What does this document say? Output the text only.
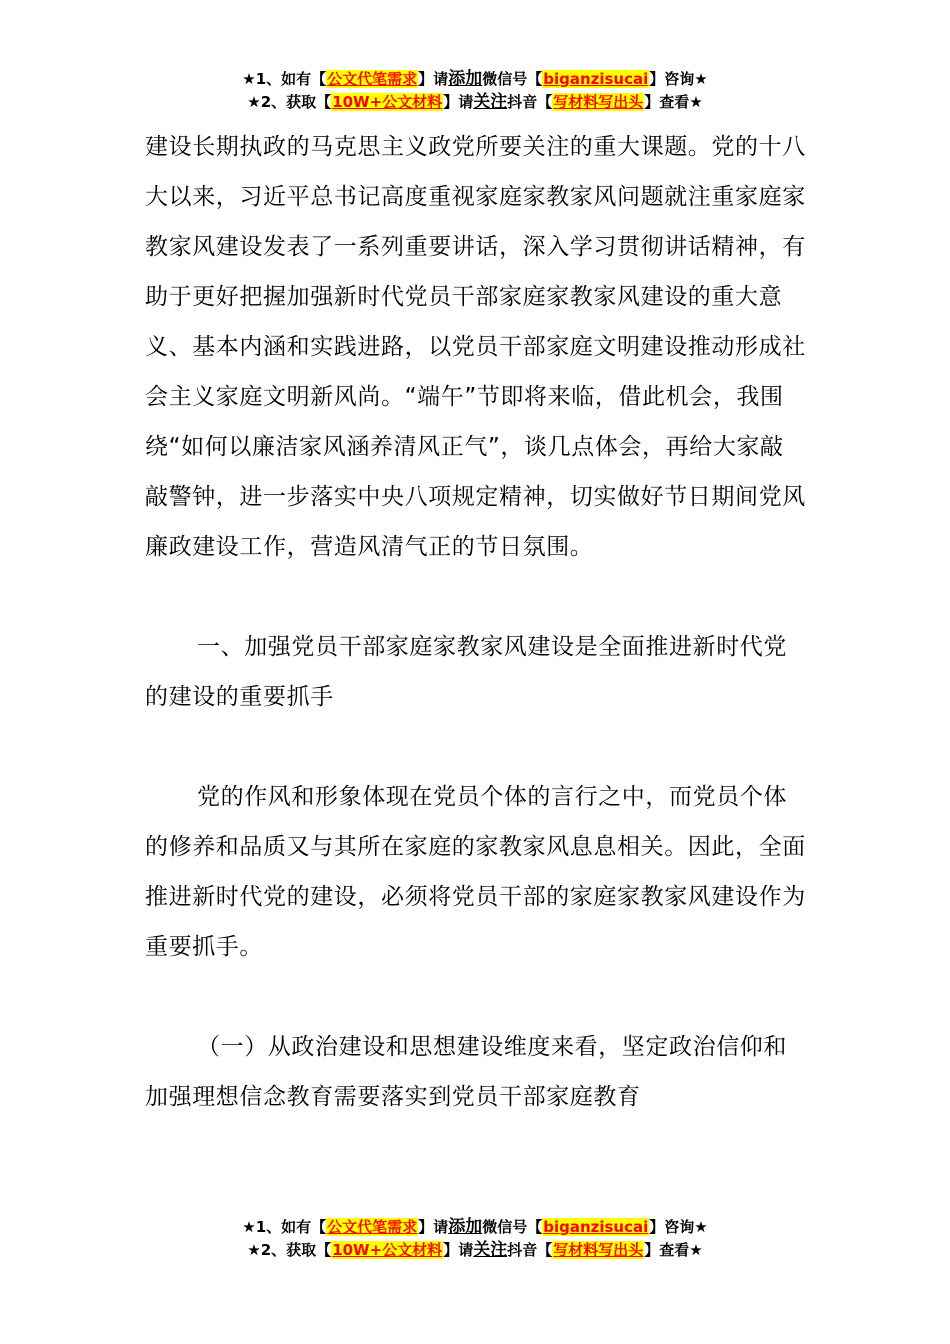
★1、如有【公文代笔需求】请添加微信号【biganzisucai】咨询★
★2、获取【10W+公文材料】请关注抖音【写材料写出头】查看★

建设长期执政的马克思主义政党所要关注的重大课题。党的十八大以来，习近平总书记高度重视家庭家教家风问题就注重家庭家教家风建设发表了一系列重要讲话，深入学习贯彻讲话精神，有助于更好把握加强新时代党员干部家庭家教家风建设的重大意义、基本内涵和实践进路，以党员干部家庭文明建设推动形成社会主义家庭文明新风尚。“端午”节即将来临，借此机会，我围绕“如何以廉洁家风涵养清风正气”，谈几点体会，再给大家敲敲警钟，进一步落实中央八项规定精神，切实做好节日期间党风廉政建设工作，营造风清气正的节日氛围。

一、加强党员干部家庭家教家风建设是全面推进新时代党的建设的重要抓手

党的作风和形象体现在党员个体的言行之中，而党员个体的修养和品质又与其所在家庭的家教家风息息相关。因此，全面推进新时代党的建设，必须将党员干部的家庭家教家风建设作为重要抓手。

（一）从政治建设和思想建设维度来看，坚定政治信仰和加强理想信念教育需要落实到党员干部家庭教育

★1、如有【公文代笔需求】请添加微信号【biganzisucai】咨询★
★2、获取【10W+公文材料】请关注抖音【写材料写出头】查看★
